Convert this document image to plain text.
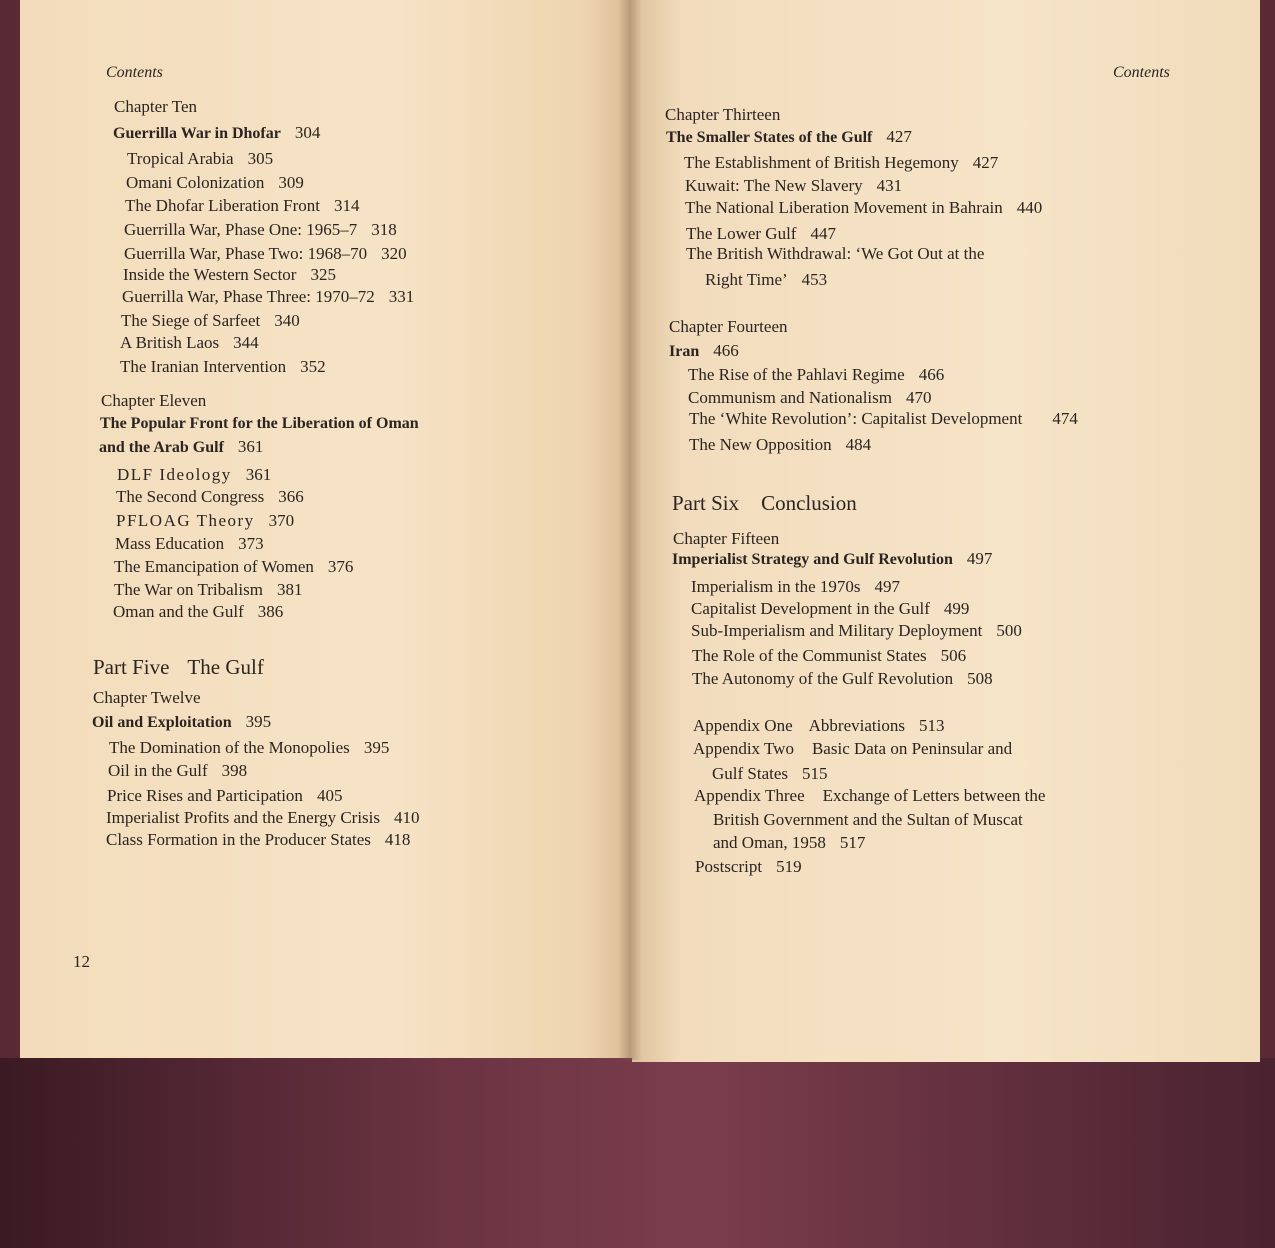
Contents
Chapter Ten
Guerrilla War in Dhofar 304
Tropical Arabia 305
Omani Colonization 309
The Dhofar Liberation Front 314
Guerrilla War, Phase One: 1965–7 318
Guerrilla War, Phase Two: 1968–70 320
Inside the Western Sector 325
Guerrilla War, Phase Three: 1970–72 331
The Siege of Sarfeet 340
A British Laos 344
The Iranian Intervention 352
Chapter Eleven
The Popular Front for the Liberation of Oman
and the Arab Gulf 361
DLF Ideology 361
The Second Congress 366
PFLOAG Theory 370
Mass Education 373
The Emancipation of Women 376
The War on Tribalism 381
Oman and the Gulf 386
Part Five The Gulf
Chapter Twelve
Oil and Exploitation 395
The Domination of the Monopolies 395
Oil in the Gulf 398
Price Rises and Participation 405
Imperialist Profits and the Energy Crisis 410
Class Formation in the Producer States 418
12
Contents
Chapter Thirteen
The Smaller States of the Gulf 427
The Establishment of British Hegemony 427
Kuwait: The New Slavery 431
The National Liberation Movement in Bahrain 440
The Lower Gulf 447
The British Withdrawal: ‘We Got Out at the
Right Time’ 453
Chapter Fourteen
Iran 466
The Rise of the Pahlavi Regime 466
Communism and Nationalism 470
The ‘White Revolution’: Capitalist Development 474
The New Opposition 484
Part Six Conclusion
Chapter Fifteen
Imperialist Strategy and Gulf Revolution 497
Imperialism in the 1970s 497
Capitalist Development in the Gulf 499
Sub-Imperialism and Military Deployment 500
The Role of the Communist States 506
The Autonomy of the Gulf Revolution 508
Appendix One Abbreviations 513
Appendix Two Basic Data on Peninsular and
Gulf States 515
Appendix Three Exchange of Letters between the
British Government and the Sultan of Muscat
and Oman, 1958 517
Postscript 519
